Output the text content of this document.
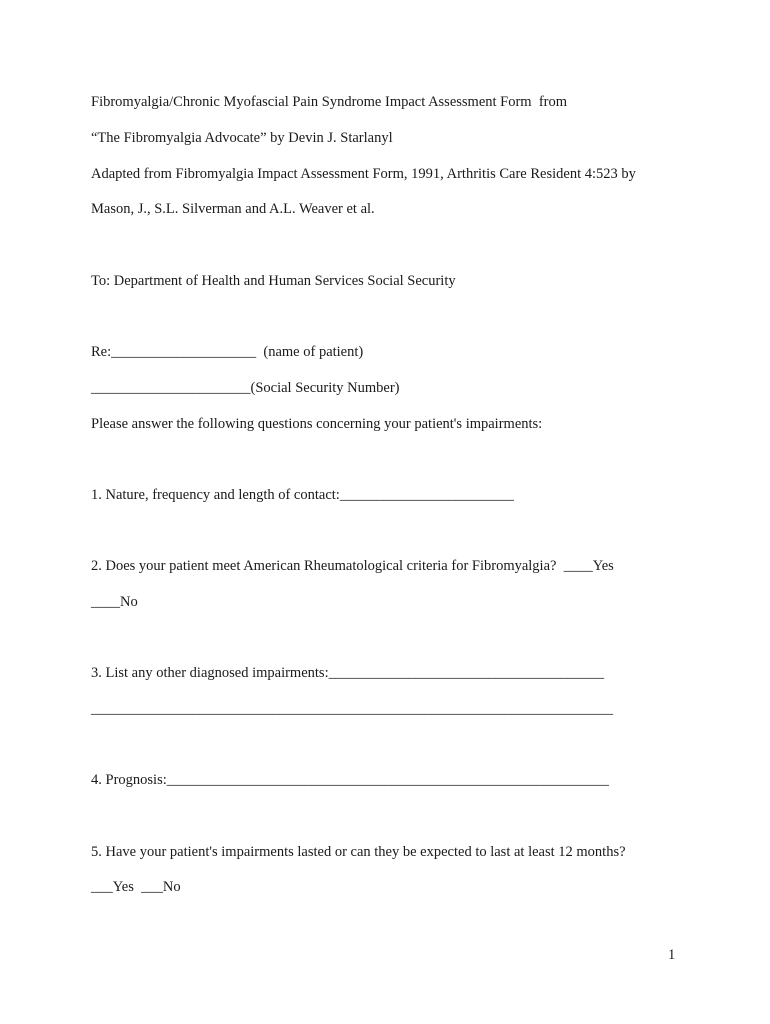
Fibromyalgia/Chronic Myofascial Pain Syndrome Impact Assessment Form  from
“The Fibromyalgia Advocate” by Devin J. Starlanyl
Adapted from Fibromyalgia Impact Assessment Form, 1991, Arthritis Care Resident 4:523 by
Mason, J., S.L. Silverman and A.L. Weaver et al.
To: Department of Health and Human Services Social Security
Re:____________________  (name of patient)
______________________(Social Security Number)
Please answer the following questions concerning your patient's impairments:
1. Nature, frequency and length of contact:________________________
2. Does your patient meet American Rheumatological criteria for Fibromyalgia?  ____Yes
____No
3. List any other diagnosed impairments:______________________________________
________________________________________________________________________
4. Prognosis:_____________________________________________________________
5. Have your patient's impairments lasted or can they be expected to last at least 12 months?
___Yes  ___No
1
